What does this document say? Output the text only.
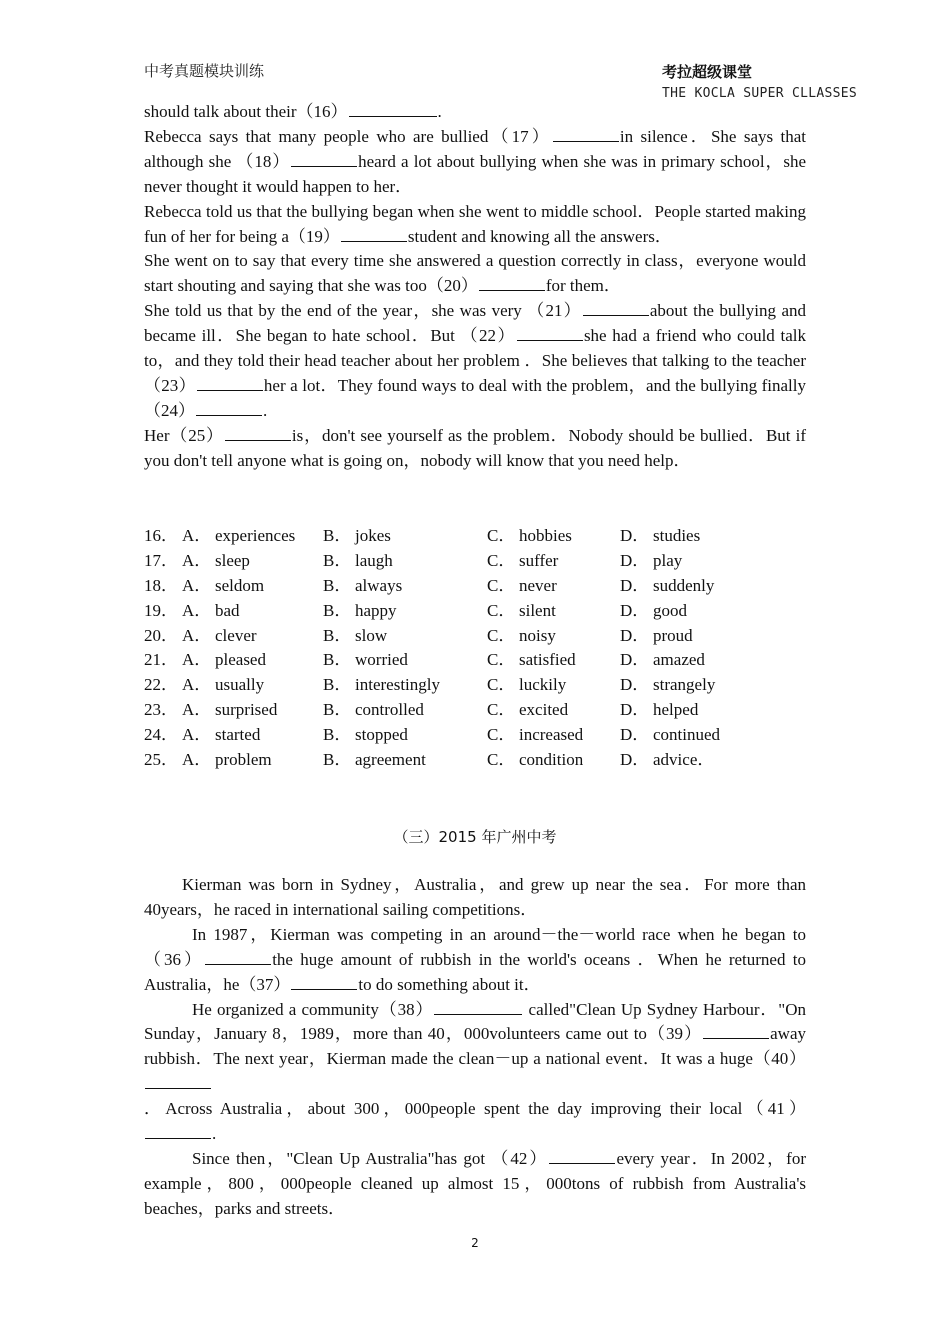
中考真题模块训练	考拉超级课堂
THE KOCLA SUPER CLLASSES

should talk about their（16）	.

Rebecca says that many people who are bullied（17）	in silence．She says that although she （18）	heard a lot about bullying when she was in primary school，she never thought it would happen to her．

Rebecca told us that the bullying began when she went to middle school．People started making fun of her for being a（19）	student and knowing all the answers．

She went on to say that every time she answered a question correctly in class，everyone would start shouting and saying that she was too（20）	for them．

She told us that by the end of the year，she was very （21）	about the bullying and became ill．She began to hate school．But （22）	she had a friend who could talk to，and they told their head teacher about her problem ．She believes that talking to the teacher（23）	her a lot．They found ways to deal with the problem，and the bullying finally（24）	.

Her（25）	is，don't see yourself as the problem．Nobody should be bullied．But if you don't tell anyone what is going on，nobody will know that you need help．

16． A． experiences B． jokes	C． hobbies	D． studies
17． A． sleep	B． laugh	C． suffer	D． play
18． A． seldom	B． always	C． never	D． suddenly
19． A． bad	B． happy	C． silent	D． good
20． A． clever	B． slow	C． noisy	D． proud
21． A． pleased	B． worried	C． satisfied	D． amazed
22． A． usually	B． interestingly	C． luckily	D． strangely
23． A． surprised	B． controlled	C． excited	D． helped
24． A． started	B． stopped	C． increased D． continued
25． A． problem	B． agreement	C． condition D． advice．
（三）2015 年广州中考

Kierman was born in Sydney，Australia，and grew up near the sea．For more than 40years，he raced in international sailing competitions．

In 1987，Kierman was competing in an around－the－world race when he began to（36）	the huge amount of rubbish in the world's oceans ．When he returned to Australia，he（37）	to do something about it．

He organized a community（38）	called"Clean Up Sydney Harbour．"On Sunday，January 8，1989，more than 40，000volunteers came out to（39）	away rubbish．The next year，Kierman made the clean－up a national event．It was a huge（40）．Across Australia，about 300，000people spent the day improving their local（41）.

Since then，"Clean Up Australia"has got （42）	every year．In 2002，for example，800，000people cleaned up almost 15，000tons of rubbish from Australia's beaches，parks and streets．

2
